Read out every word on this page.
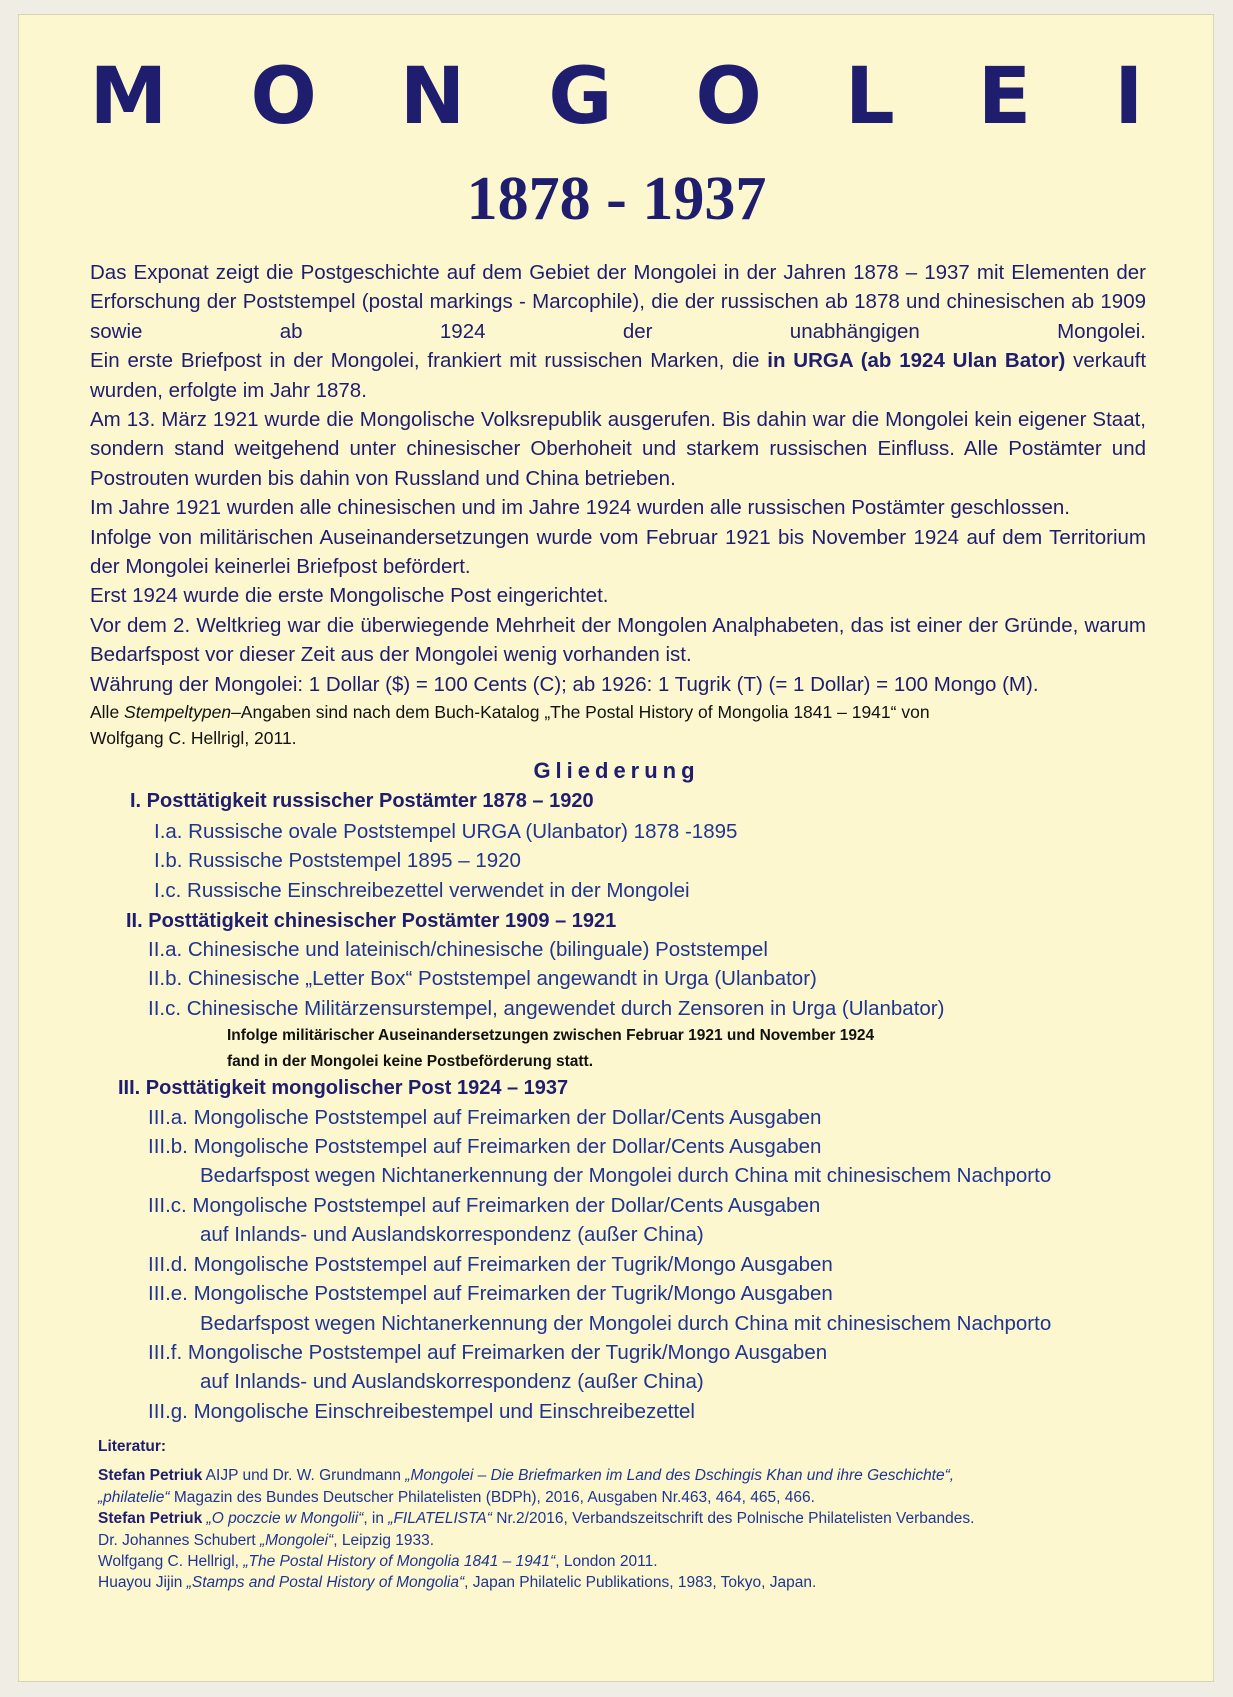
M O N G O L E I
1878 - 1937

Das Exponat zeigt die Postgeschichte auf dem Gebiet der Mongolei in der Jahren 1878 – 1937 mit Elementen der Erforschung der Poststempel (postal markings - Marcophile), die der russischen ab 1878 und chinesischen ab 1909 sowie ab 1924 der unabhängigen Mongolei.

Ein erste Briefpost in der Mongolei, frankiert mit russischen Marken, die in URGA (ab 1924 Ulan Bator) verkauft wurden, erfolgte im Jahr 1878.

Am 13. März 1921 wurde die Mongolische Volksrepublik ausgerufen. Bis dahin war die Mongolei kein eigener Staat, sondern stand weitgehend unter chinesischer Oberhoheit und starkem russischen Einfluss. Alle Postämter und Postrouten wurden bis dahin von Russland und China betrieben.

Im Jahre 1921 wurden alle chinesischen und im Jahre 1924 wurden alle russischen Postämter geschlossen.

Infolge von militärischen Auseinandersetzungen wurde vom Februar 1921 bis November 1924 auf dem Territorium der Mongolei keinerlei Briefpost befördert.

Erst 1924 wurde die erste Mongolische Post eingerichtet.

Vor dem 2. Weltkrieg war die überwiegende Mehrheit der Mongolen Analphabeten, das ist einer der Gründe, warum Bedarfspost vor dieser Zeit aus der Mongolei wenig vorhanden ist.

Währung der Mongolei: 1 Dollar ($) = 100 Cents (C); ab 1926: 1 Tugrik (T) (= 1 Dollar) = 100 Mongo (M).

Alle Stempeltypen–Angaben sind nach dem Buch-Katalog „The Postal History of Mongolia 1841 – 1941“ von
Wolfgang C. Hellrigl, 2011.

Gliederung
I. Posttätigkeit russischer Postämter 1878 – 1920
I.a. Russische ovale Poststempel URGA (Ulanbator) 1878 -1895
I.b. Russische Poststempel 1895 – 1920
I.c. Russische Einschreibezettel verwendet in der Mongolei
II. Posttätigkeit chinesischer Postämter 1909 – 1921
II.a. Chinesische und lateinisch/chinesische (bilinguale) Poststempel
II.b. Chinesische „Letter Box“ Poststempel angewandt in Urga (Ulanbator)
II.c. Chinesische Militärzensurstempel, angewendet durch Zensoren in Urga (Ulanbator)
Infolge militärischer Auseinandersetzungen zwischen Februar 1921 und November 1924
fand in der Mongolei keine Postbeförderung statt.
III. Posttätigkeit mongolischer Post 1924 – 1937
III.a. Mongolische Poststempel auf Freimarken der Dollar/Cents Ausgaben
III.b. Mongolische Poststempel auf Freimarken der Dollar/Cents Ausgaben
Bedarfspost wegen Nichtanerkennung der Mongolei durch China mit chinesischem Nachporto
III.c. Mongolische Poststempel auf Freimarken der Dollar/Cents Ausgaben
auf Inlands- und Auslandskorrespondenz (außer China)
III.d. Mongolische Poststempel auf Freimarken der Tugrik/Mongo Ausgaben
III.e. Mongolische Poststempel auf Freimarken der Tugrik/Mongo Ausgaben
Bedarfspost wegen Nichtanerkennung der Mongolei durch China mit chinesischem Nachporto
III.f. Mongolische Poststempel auf Freimarken der Tugrik/Mongo Ausgaben
auf Inlands- und Auslandskorrespondenz (außer China)
III.g. Mongolische Einschreibestempel und Einschreibezettel
Literatur:
Stefan Petriuk AIJP und Dr. W. Grundmann „Mongolei – Die Briefmarken im Land des Dschingis Khan und ihre Geschichte“,
„philatelie“ Magazin des Bundes Deutscher Philatelisten (BDPh), 2016, Ausgaben Nr.463, 464, 465, 466.
Stefan Petriuk „O poczcie w Mongolii“, in „FILATELISTA“ Nr.2/2016, Verbandszeitschrift des Polnische Philatelisten Verbandes.
Dr. Johannes Schubert „Mongolei“, Leipzig 1933.
Wolfgang C. Hellrigl, „The Postal History of Mongolia 1841 – 1941“, London 2011.
Huayou Jijin „Stamps and Postal History of Mongolia“, Japan Philatelic Publikations, 1983, Tokyo, Japan.
